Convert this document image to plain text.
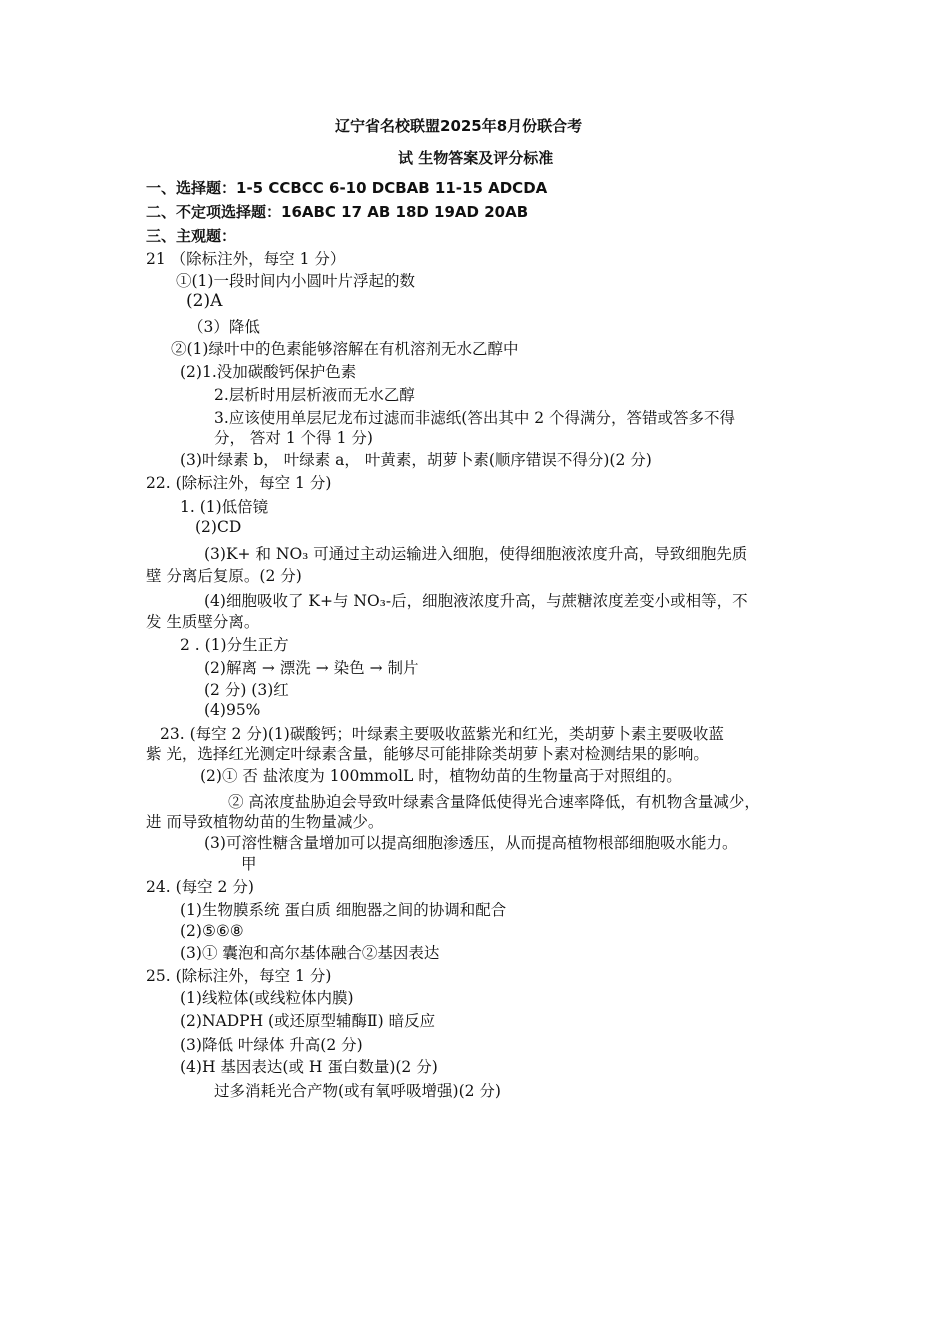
辽宁省名校联盟2025年8月份联合考
试 生物答案及评分标准
一、选择题：1-5 CCBCC 6-10 DCBAB 11-15 ADCDA
二、不定项选择题：16ABC 17 AB 18D 19AD 20AB
三、主观题：
21 （除标注外，每空 1 分）
①(1)一段时间内小圆叶片浮起的数
(2)A
（3）降低
②(1)绿叶中的色素能够溶解在有机溶剂无水乙醇中
(2)1.没加碳酸钙保护色素
2.层析时用层析液而无水乙醇
3.应该使用单层尼龙布过滤而非滤纸(答出其中 2 个得满分，答错或答多不得
分， 答对 1 个得 1 分)
(3)叶绿素 b， 叶绿素 a， 叶黄素，胡萝卜素(顺序错误不得分)(2 分)
22. (除标注外，每空 1 分)
1. (1)低倍镜
(2)CD
(3)K+ 和 NO₃ 可通过主动运输进入细胞，使得细胞液浓度升高，导致细胞先质
壁 分离后复原。(2 分)
(4)细胞吸收了 K+与 NO₃-后，细胞液浓度升高，与蔗糖浓度差变小或相等，不
发 生质壁分离。
2 . (1)分生正方
(2)解离 → 漂洗 → 染色 → 制片
(2 分) (3)红
(4)95%
23. (每空 2 分)(1)碳酸钙；叶绿素主要吸收蓝紫光和红光，类胡萝卜素主要吸收蓝
紫 光，选择红光测定叶绿素含量，能够尽可能排除类胡萝卜素对检测结果的影响。
(2)① 否 盐浓度为 100mmolL 时，植物幼苗的生物量高于对照组的。
② 高浓度盐胁迫会导致叶绿素含量降低使得光合速率降低，有机物含量减少，
进 而导致植物幼苗的生物量减少。
(3)可溶性糖含量增加可以提高细胞渗透压，从而提高植物根部细胞吸水能力。
甲
24. (每空 2 分)
(1)生物膜系统 蛋白质 细胞器之间的协调和配合
(2)⑤⑥⑧
(3)① 囊泡和高尔基体融合②基因表达
25. (除标注外，每空 1 分)
(1)线粒体(或线粒体内膜)
(2)NADPH (或还原型辅酶Ⅱ) 暗反应
(3)降低 叶绿体 升高(2 分)
(4)H 基因表达(或 H 蛋白数量)(2 分)
过多消耗光合产物(或有氧呼吸增强)(2 分)
